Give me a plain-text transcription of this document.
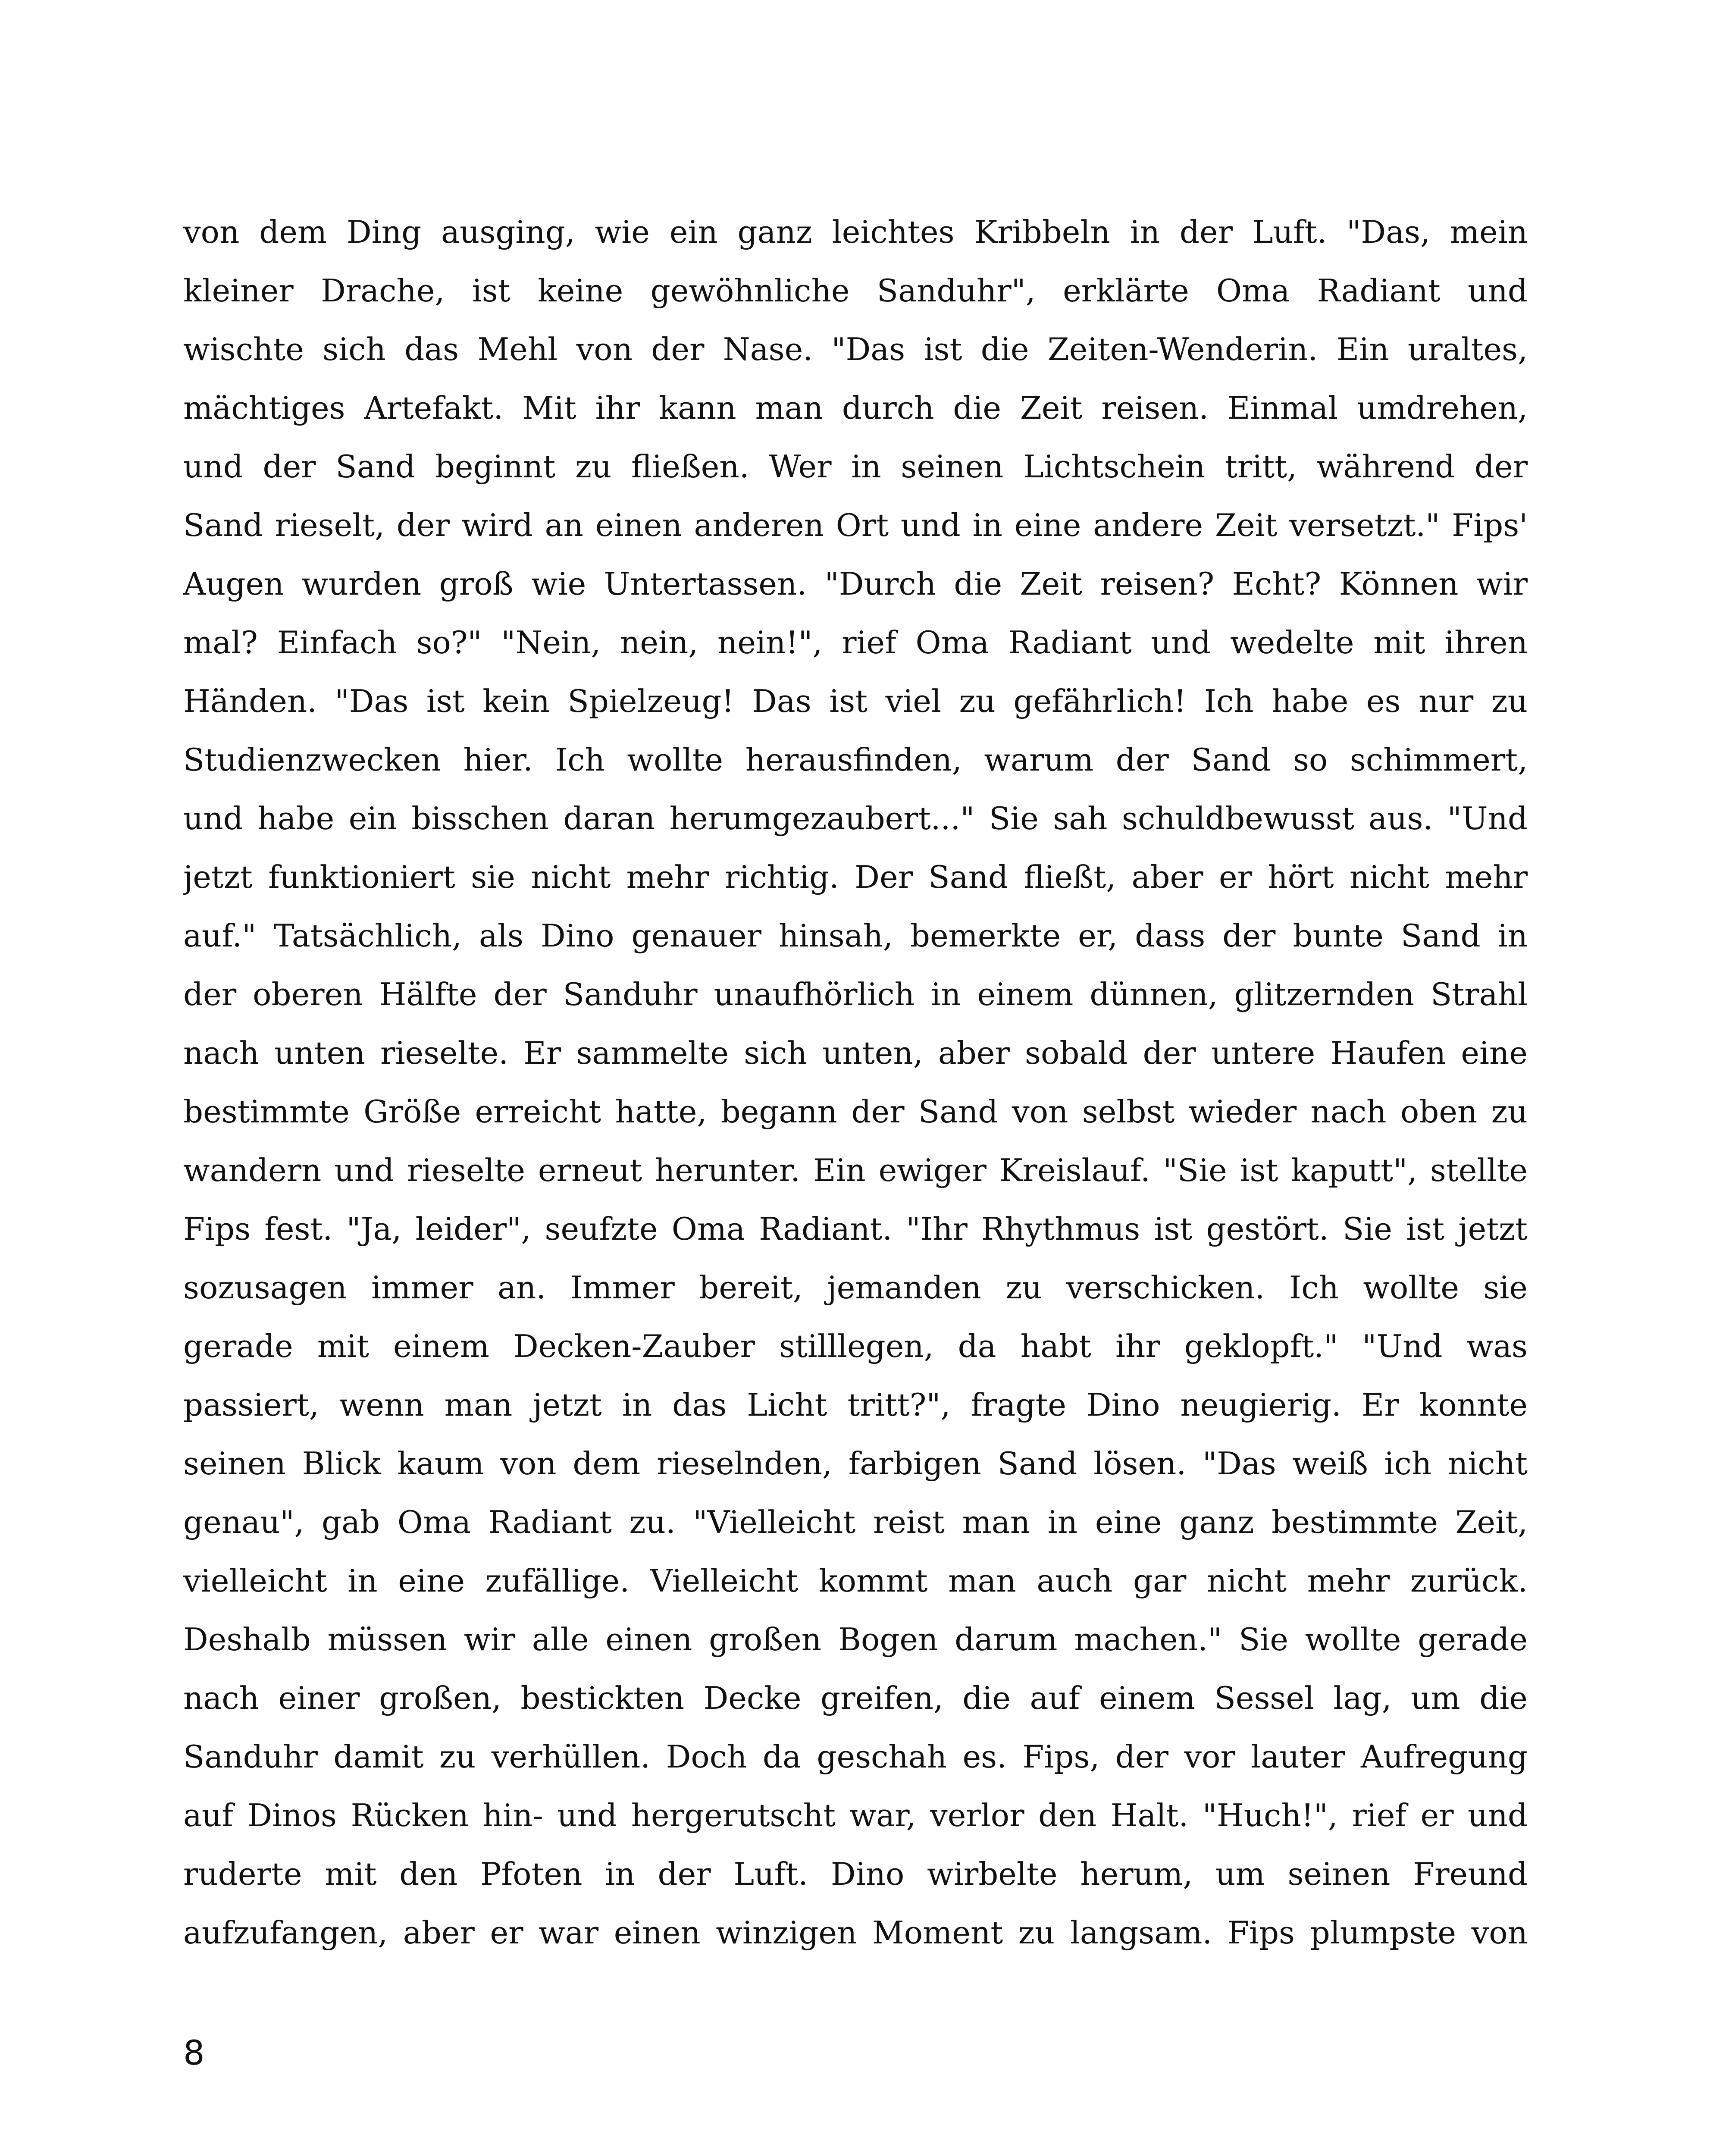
von dem Ding ausging, wie ein ganz leichtes Kribbeln in der Luft. "Das, mein
kleiner Drache, ist keine gewöhnliche Sanduhr", erklärte Oma Radiant und
wischte sich das Mehl von der Nase. "Das ist die Zeiten-Wenderin. Ein uraltes,
mächtiges Artefakt. Mit ihr kann man durch die Zeit reisen. Einmal umdrehen,
und der Sand beginnt zu fließen. Wer in seinen Lichtschein tritt, während der
Sand rieselt, der wird an einen anderen Ort und in eine andere Zeit versetzt." Fips'
Augen wurden groß wie Untertassen. "Durch die Zeit reisen? Echt? Können wir
mal? Einfach so?" "Nein, nein, nein!", rief Oma Radiant und wedelte mit ihren
Händen. "Das ist kein Spielzeug! Das ist viel zu gefährlich! Ich habe es nur zu
Studienzwecken hier. Ich wollte herausfinden, warum der Sand so schimmert,
und habe ein bisschen daran herumgezaubert..." Sie sah schuldbewusst aus. "Und
jetzt funktioniert sie nicht mehr richtig. Der Sand fließt, aber er hört nicht mehr
auf." Tatsächlich, als Dino genauer hinsah, bemerkte er, dass der bunte Sand in
der oberen Hälfte der Sanduhr unaufhörlich in einem dünnen, glitzernden Strahl
nach unten rieselte. Er sammelte sich unten, aber sobald der untere Haufen eine
bestimmte Größe erreicht hatte, begann der Sand von selbst wieder nach oben zu
wandern und rieselte erneut herunter. Ein ewiger Kreislauf. "Sie ist kaputt", stellte
Fips fest. "Ja, leider", seufzte Oma Radiant. "Ihr Rhythmus ist gestört. Sie ist jetzt
sozusagen immer an. Immer bereit, jemanden zu verschicken. Ich wollte sie
gerade mit einem Decken-Zauber stilllegen, da habt ihr geklopft." "Und was
passiert, wenn man jetzt in das Licht tritt?", fragte Dino neugierig. Er konnte
seinen Blick kaum von dem rieselnden, farbigen Sand lösen. "Das weiß ich nicht
genau", gab Oma Radiant zu. "Vielleicht reist man in eine ganz bestimmte Zeit,
vielleicht in eine zufällige. Vielleicht kommt man auch gar nicht mehr zurück.
Deshalb müssen wir alle einen großen Bogen darum machen." Sie wollte gerade
nach einer großen, bestickten Decke greifen, die auf einem Sessel lag, um die
Sanduhr damit zu verhüllen. Doch da geschah es. Fips, der vor lauter Aufregung
auf Dinos Rücken hin- und hergerutscht war, verlor den Halt. "Huch!", rief er und
ruderte mit den Pfoten in der Luft. Dino wirbelte herum, um seinen Freund
aufzufangen, aber er war einen winzigen Moment zu langsam. Fips plumpste von
8
